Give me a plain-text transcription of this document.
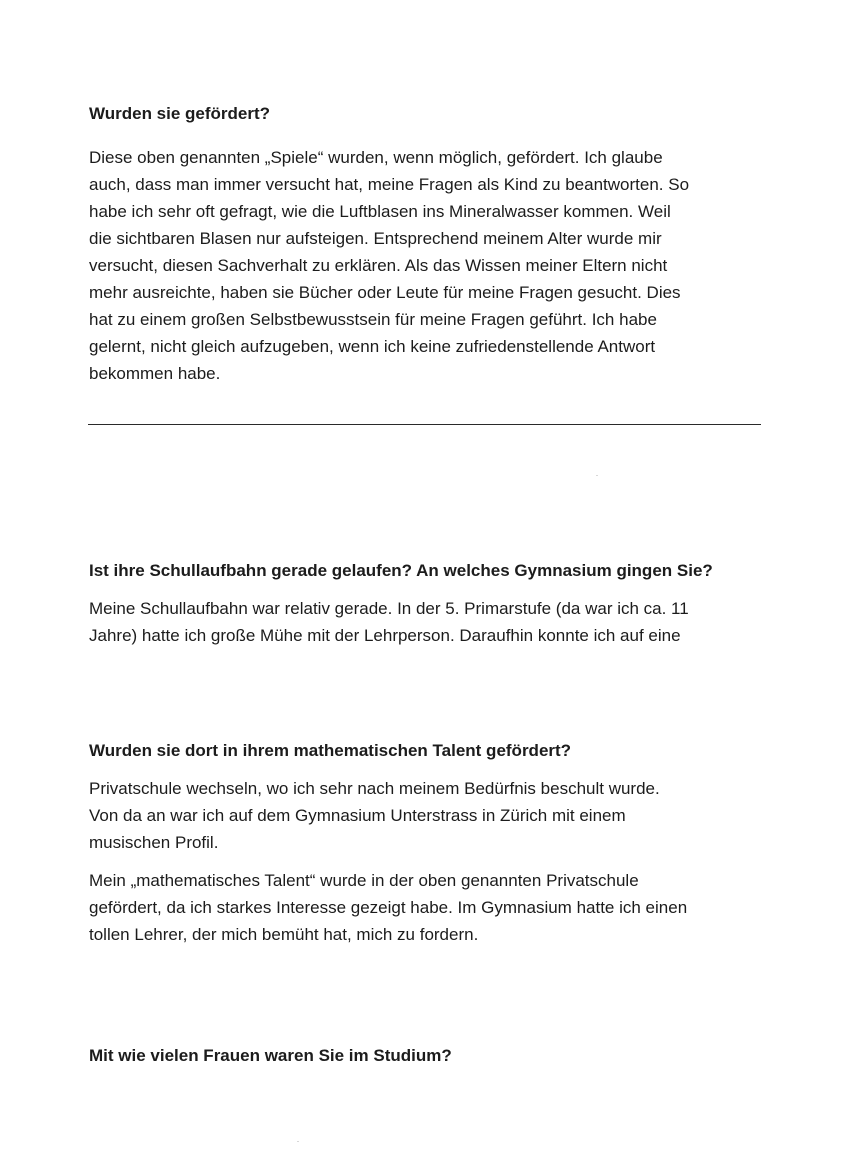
Wurden sie gefördert?

Diese oben genannten „Spiele“ wurden, wenn möglich, gefördert. Ich glaube
auch, dass man immer versucht hat, meine Fragen als Kind zu beantworten. So
habe ich sehr oft gefragt, wie die Luftblasen ins Mineralwasser kommen. Weil
die sichtbaren Blasen nur aufsteigen. Entsprechend meinem Alter wurde mir
versucht, diesen Sachverhalt zu erklären. Als das Wissen meiner Eltern nicht
mehr ausreichte, haben sie Bücher oder Leute für meine Fragen gesucht. Dies
hat zu einem großen Selbstbewusstsein für meine Fragen geführt. Ich habe
gelernt, nicht gleich aufzugeben, wenn ich keine zufriedenstellende Antwort
bekommen habe.

Ist ihre Schullaufbahn gerade gelaufen? An welches Gymnasium gingen Sie?

Meine Schullaufbahn war relativ gerade. In der 5. Primarstufe (da war ich ca. 11
Jahre) hatte ich große Mühe mit der Lehrperson. Daraufhin konnte ich auf eine

Wurden sie dort in ihrem mathematischen Talent gefördert?

Privatschule wechseln, wo ich sehr nach meinem Bedürfnis beschult wurde.
Von da an war ich auf dem Gymnasium Unterstrass in Zürich mit einem
musischen Profil.

Mein „mathematisches Talent“ wurde in der oben genannten Privatschule
gefördert, da ich starkes Interesse gezeigt habe. Im Gymnasium hatte ich einen
tollen Lehrer, der mich bemüht hat, mich zu fordern.

Mit wie vielen Frauen waren Sie im Studium?
